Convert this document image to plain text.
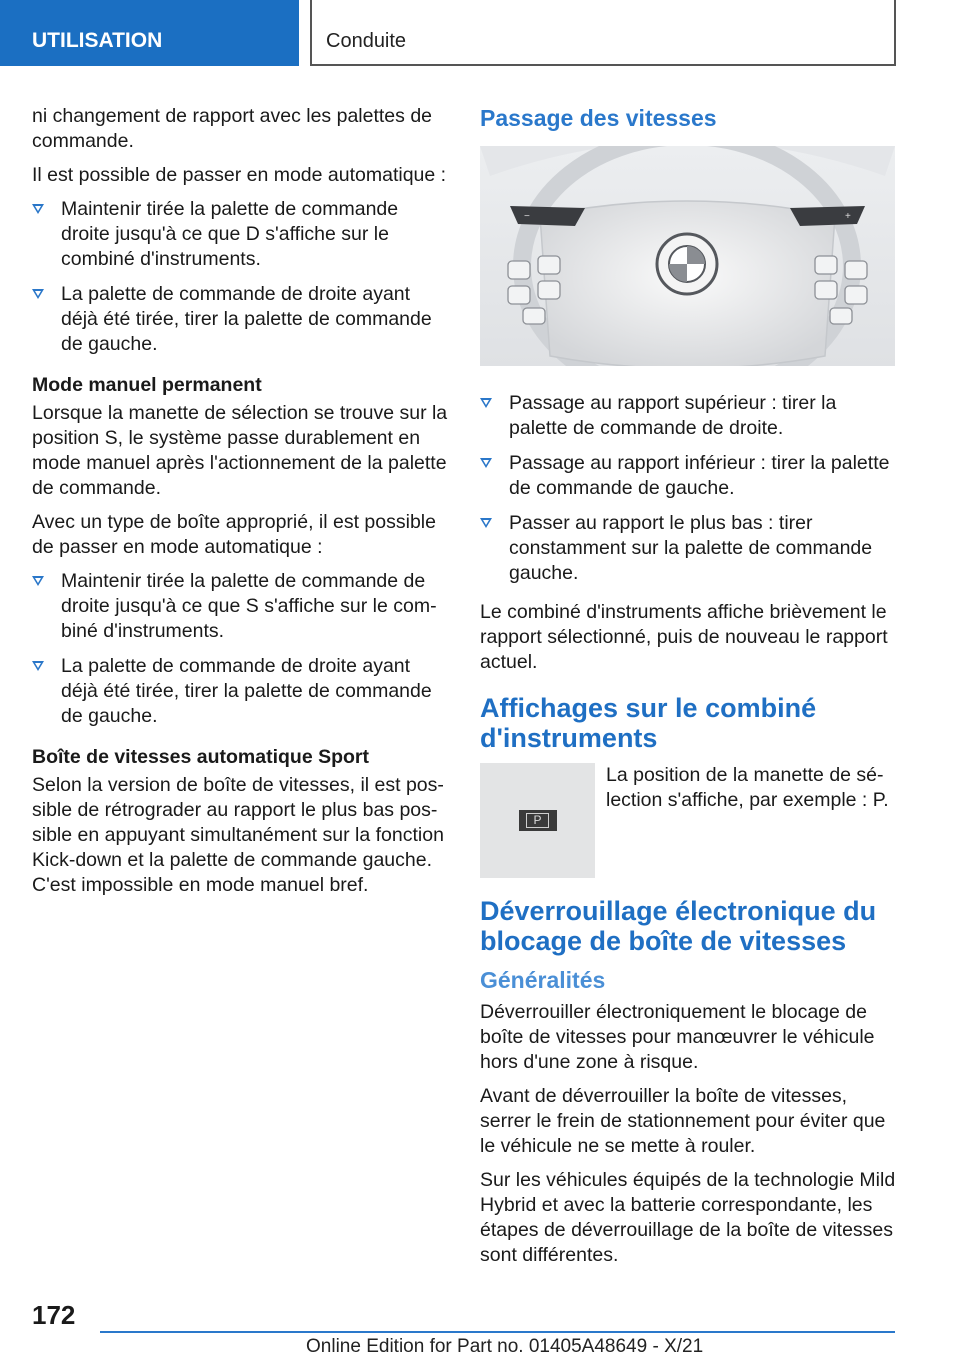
UTILISATION	Conduite

ni changement de rapport avec les palettes de commande.

Il est possible de passer en mode automatique :

Maintenir tirée la palette de commande droite jusqu'à ce que D s'affiche sur le combiné d'instruments.
La palette de commande de droite ayant déjà été tirée, tirer la palette de commande de gauche.

Mode manuel permanent

Lorsque la manette de sélection se trouve sur la position S, le système passe durablement en mode manuel après l'actionnement de la palette de commande.

Avec un type de boîte approprié, il est possible de passer en mode automatique :

Maintenir tirée la palette de commande de droite jusqu'à ce que S s'affiche sur le combiné d'instruments.
La palette de commande de droite ayant déjà été tirée, tirer la palette de commande de gauche.

Boîte de vitesses automatique Sport

Selon la version de boîte de vitesses, il est possible de rétrograder au rapport le plus bas possible en appuyant simultanément sur la fonction Kick-down et la palette de commande gauche. C'est impossible en mode manuel bref.

Passage des vitesses
−	+
Passage au rapport supérieur : tirer la palette de commande de droite.
Passage au rapport inférieur : tirer la palette de commande de gauche.
Passer au rapport le plus bas : tirer constamment sur la palette de commande gauche.

Le combiné d'instruments affiche brièvement le rapport sélectionné, puis de nouveau le rapport actuel.

Affichages sur le combiné d'instruments
P
La position de la manette de sélection s'affiche, par exemple : P.
Déverrouillage électronique du blocage de boîte de vitesses
Généralités

Déverrouiller électroniquement le blocage de boîte de vitesses pour manœuvrer le véhicule hors d'une zone à risque.

Avant de déverrouiller la boîte de vitesses, serrer le frein de stationnement pour éviter que le véhicule ne se mette à rouler.

Sur les véhicules équipés de la technologie Mild Hybrid et avec la batterie correspondante, les étapes de déverrouillage de la boîte de vitesses sont différentes.

172
Online Edition for Part no. 01405A48649 - X/21
